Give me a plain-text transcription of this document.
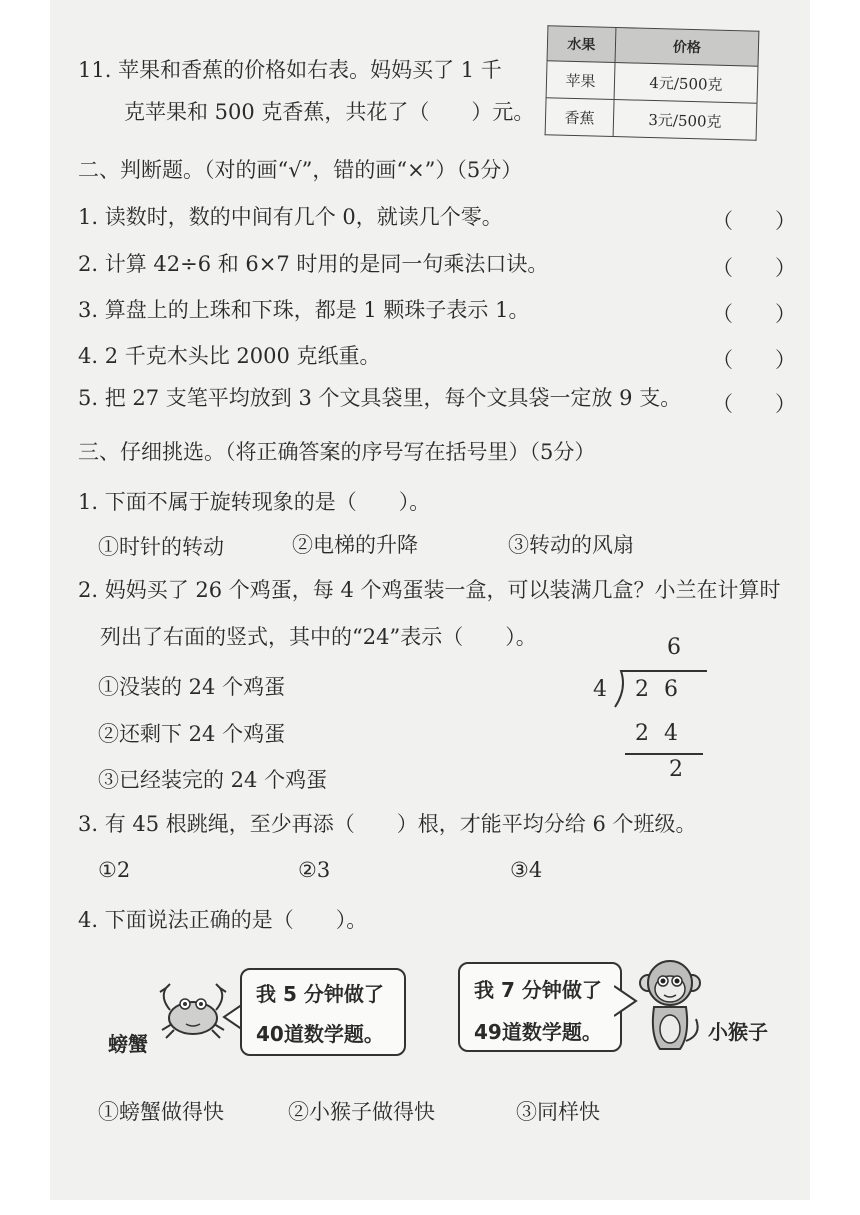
11. 苹果和香蕉的价格如右表。妈妈买了 1 千
克苹果和 500 克香蕉，共花了（　　）元。
水果	价格
苹果	4元/500克
香蕉	3元/500克
二、判断题。（对的画“√”，错的画“×”）（5分）
1. 读数时，数的中间有几个 0，就读几个零。	（　　）
2. 计算 42÷6 和 6×7 时用的是同一句乘法口诀。	（　　）
3. 算盘上的上珠和下珠，都是 1 颗珠子表示 1。	（　　）
4. 2 千克木头比 2000 克纸重。	（　　）
5. 把 27 支笔平均放到 3 个文具袋里，每个文具袋一定放 9 支。 （　　）
三、仔细挑选。（将正确答案的序号写在括号里）（5分）
1. 下面不属于旋转现象的是（　　）。
①时针的转动	②电梯的升降	③转动的风扇
2. 妈妈买了 26 个鸡蛋，每 4 个鸡蛋装一盒，可以装满几盒？小兰在计算时
列出了右面的竖式，其中的“24”表示（　　）。
①没装的 24 个鸡蛋
②还剩下 24 个鸡蛋
③已经装完的 24 个鸡蛋
6
4 2 6
2 4
2
3. 有 45 根跳绳，至少再添（　　）根，才能平均分给 6 个班级。
①2	②3	③4
4. 下面说法正确的是（　　）。
螃蟹
我 5 分钟做了
40道数学题。
我 7 分钟做了
49道数学题。	小猴子
①螃蟹做得快	②小猴子做得快	③同样快
